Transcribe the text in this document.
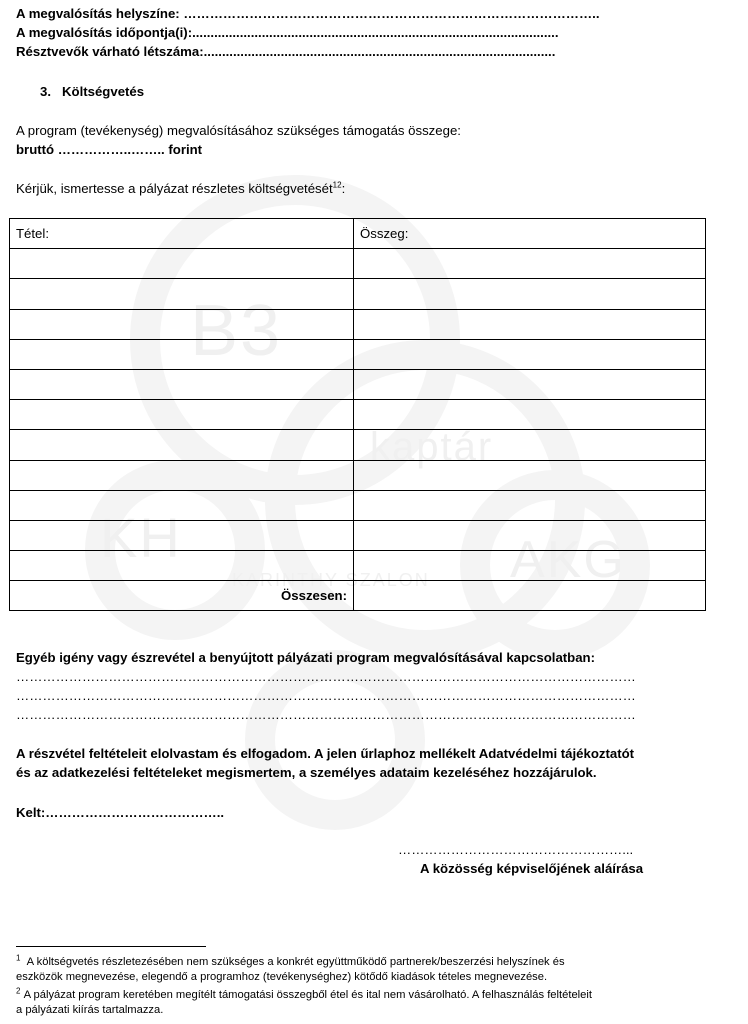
B3
kaptár
KH
KARINTHY SZALON AKG
A megvalósítás helyszíne: …………………………………………………………………………………..
A megvalósítás időpontja(i):....................................................................................................
Résztvevők várható létszáma:................................................................................................
3. Költségvetés
A program (tevékenység) megvalósításához szükséges támogatás összege:
bruttó ……………..…….. forint
Kérjük, ismertesse a pályázat részletes költségvetését$^{12}$:
Tétel:	Összeg:

Összesen:	
Egyéb igény vagy észrevétel a benyújtott pályázati program megvalósításával kapcsolatban:
……………………………………………………………………………………………………………………………
……………………………………………………………………………………………………………………………
……………………………………………………………………………………………………………………………
A részvétel feltételeit elolvastam és elfogadom. A jelen űrlaphoz mellékelt Adatvédelmi tájékoztatót
és az adatkezelési feltételeket megismertem, a személyes adataim kezeléséhez hozzájárulok.
Kelt:…………………………………..
……………………………………………...
A közösség képviselőjének aláírása
$^1$ A költségvetés részletezésében nem szükséges a konkrét együttműködő partnerek/beszerzési helyszínek és
eszközök megnevezése, elegendő a programhoz (tevékenységhez) kötődő kiadások tételes megnevezése.
$^2$ A pályázat program keretében megítélt támogatási összegből étel és ital nem vásárolható. A felhasználás feltételeit
a pályázati kiírás tartalmazza.
